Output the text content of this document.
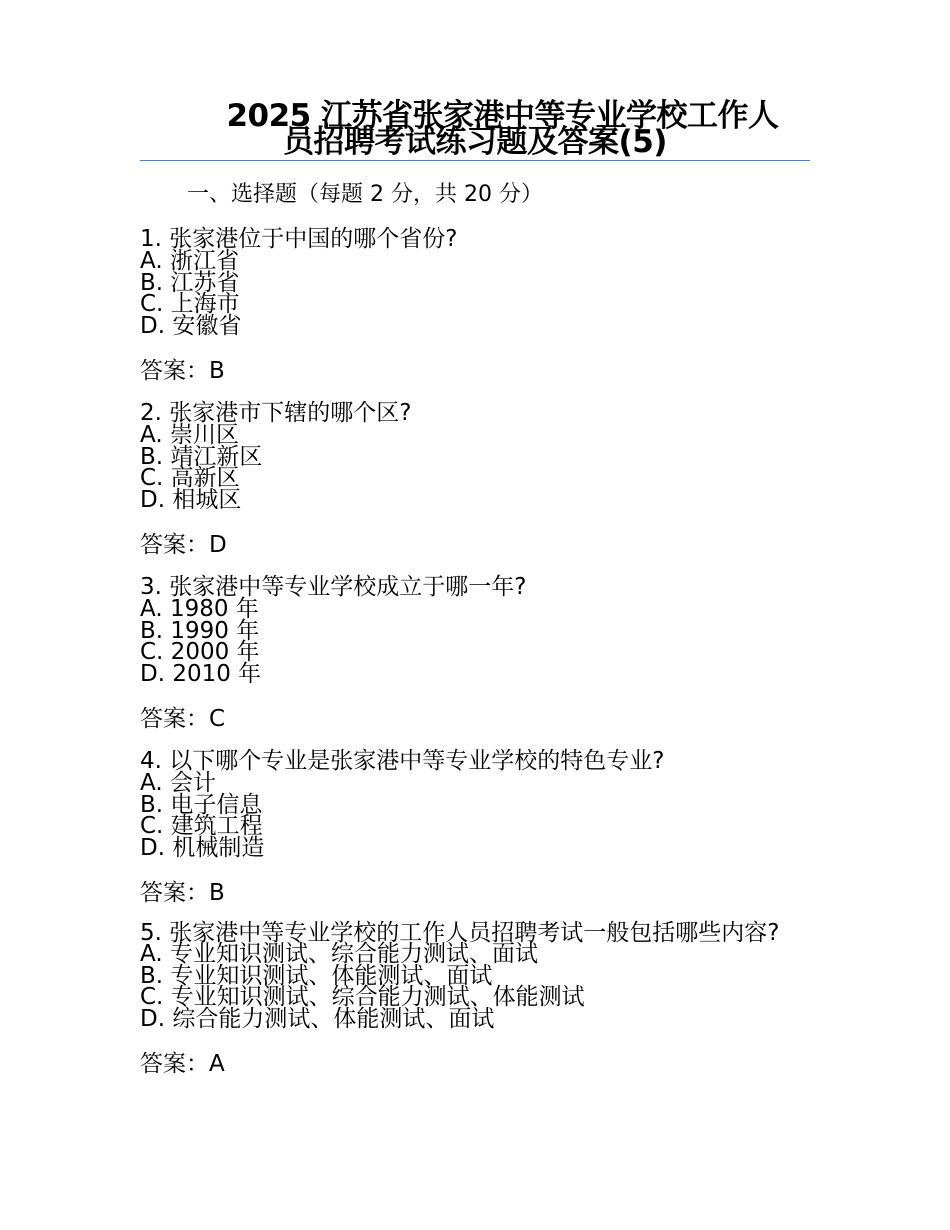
2025 江苏省张家港中等专业学校工作人
员招聘考试练习题及答案(5)
一、选择题（每题 2 分，共 20 分）
1. 张家港位于中国的哪个省份?
A. 浙江省
B. 江苏省
C. 上海市
D. 安徽省
答案：B
2. 张家港市下辖的哪个区?
A. 崇川区
B. 靖江新区
C. 高新区
D. 相城区
答案：D
3. 张家港中等专业学校成立于哪一年?
A. 1980 年
B. 1990 年
C. 2000 年
D. 2010 年
答案：C
4. 以下哪个专业是张家港中等专业学校的特色专业?
A. 会计
B. 电子信息
C. 建筑工程
D. 机械制造
答案：B
5. 张家港中等专业学校的工作人员招聘考试一般包括哪些内容?
A. 专业知识测试、综合能力测试、面试
B. 专业知识测试、体能测试、面试
C. 专业知识测试、综合能力测试、体能测试
D. 综合能力测试、体能测试、面试
答案：A
